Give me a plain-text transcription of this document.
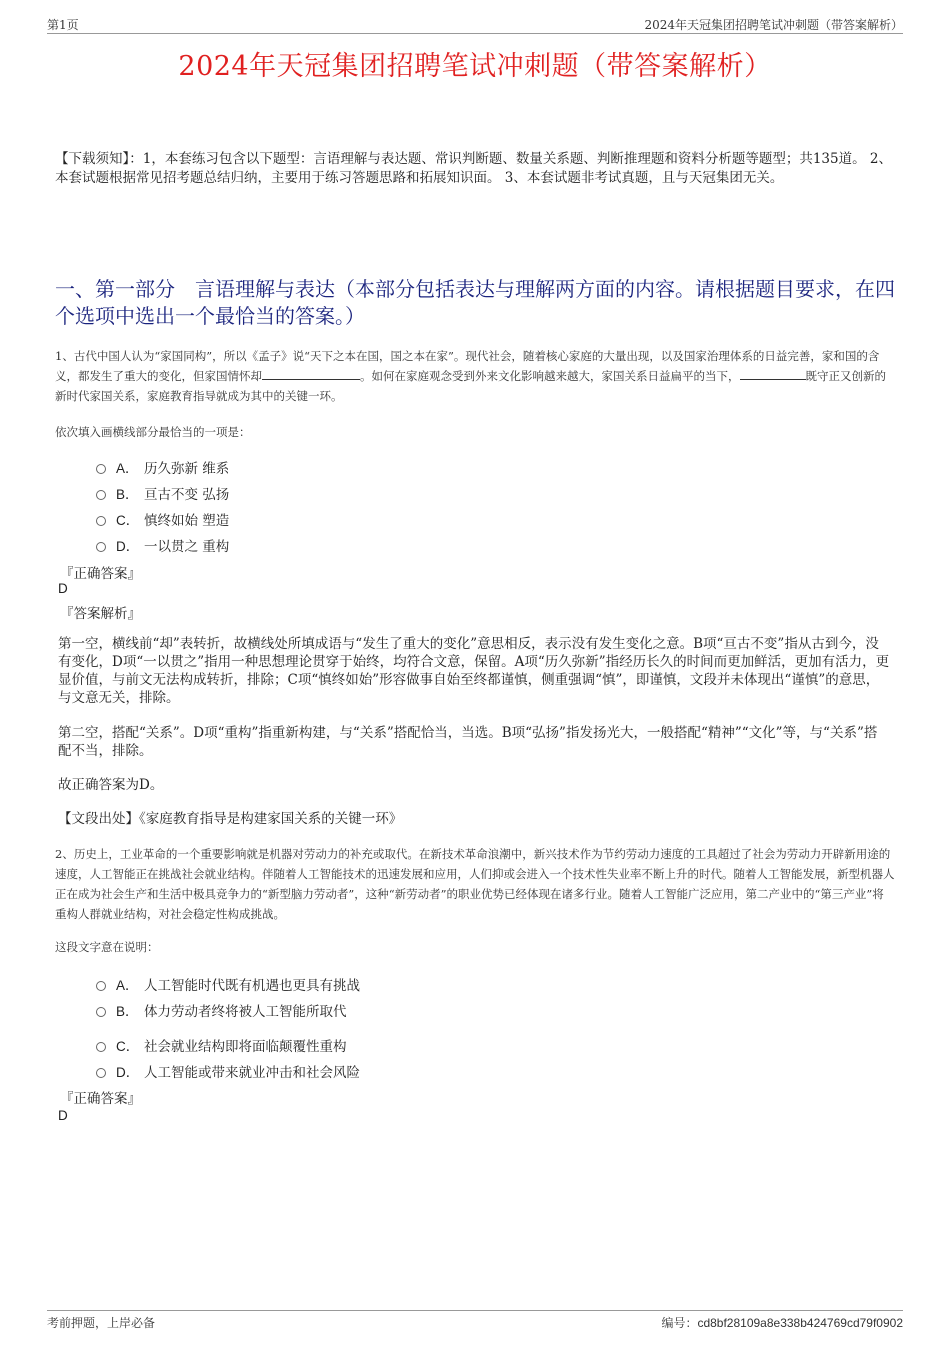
第1页	2024年天冠集团招聘笔试冲刺题（带答案解析）
2024年天冠集团招聘笔试冲刺题（带答案解析）
【下载须知】：1，本套练习包含以下题型：言语理解与表达题、常识判断题、数量关系题、判断推理题和资料分析题等题型；共135道。 2、本套试题根据常见招考题总结归纳，主要用于练习答题思路和拓展知识面。 3、本套试题非考试真题，且与天冠集团无关。
一、第一部分　言语理解与表达（本部分包括表达与理解两方面的内容。请根据题目要求，在四个选项中选出一个最恰当的答案。）
1、古代中国人认为“家国同构”，所以《孟子》说“天下之本在国，国之本在家”。现代社会，随着核心家庭的大量出现，以及国家治理体系的日益完善，家和国的含义，都发生了重大的变化，但家国情怀却	。如何在家庭观念受到外来文化影响越来越大，家国关系日益扁平的当下，	既守正又创新的新时代家国关系，家庭教育指导就成为其中的关键一环。
依次填入画横线部分最恰当的一项是：
A． 历久弥新 维系
B． 亘古不变 弘扬
C． 慎终如始 塑造
D． 一以贯之 重构
『正确答案』
D
『答案解析』
第一空，横线前“却”表转折，故横线处所填成语与“发生了重大的变化”意思相反，表示没有发生变化之意。B项“亘古不变”指从古到今，没有变化，D项“一以贯之”指用一种思想理论贯穿于始终，均符合文意，保留。A项“历久弥新”指经历长久的时间而更加鲜活，更加有活力，更显价值，与前文无法构成转折，排除；C项“慎终如始”形容做事自始至终都谨慎，侧重强调“慎”，即谨慎，文段并未体现出“谨慎”的意思，与文意无关，排除。
第二空，搭配“关系”。D项“重构”指重新构建，与“关系”搭配恰当，当选。B项“弘扬”指发扬光大，一般搭配“精神”“文化”等，与“关系”搭配不当，排除。
故正确答案为D。
【文段出处】《家庭教育指导是构建家国关系的关键一环》
2、历史上，工业革命的一个重要影响就是机器对劳动力的补充或取代。在新技术革命浪潮中，新兴技术作为节约劳动力速度的工具超过了社会为劳动力开辟新用途的速度，人工智能正在挑战社会就业结构。伴随着人工智能技术的迅速发展和应用，人们抑或会进入一个技术性失业率不断上升的时代。随着人工智能发展，新型机器人正在成为社会生产和生活中极具竞争力的“新型脑力劳动者”，这种“新劳动者”的职业优势已经体现在诸多行业。随着人工智能广泛应用，第二产业中的“第三产业”将重构人群就业结构，对社会稳定性构成挑战。
这段文字意在说明：
A． 人工智能时代既有机遇也更具有挑战
B． 体力劳动者终将被人工智能所取代
C． 社会就业结构即将面临颠覆性重构
D． 人工智能或带来就业冲击和社会风险
『正确答案』
D
考前押题，上岸必备	编号：cd8bf28109a8e338b424769cd79f0902
